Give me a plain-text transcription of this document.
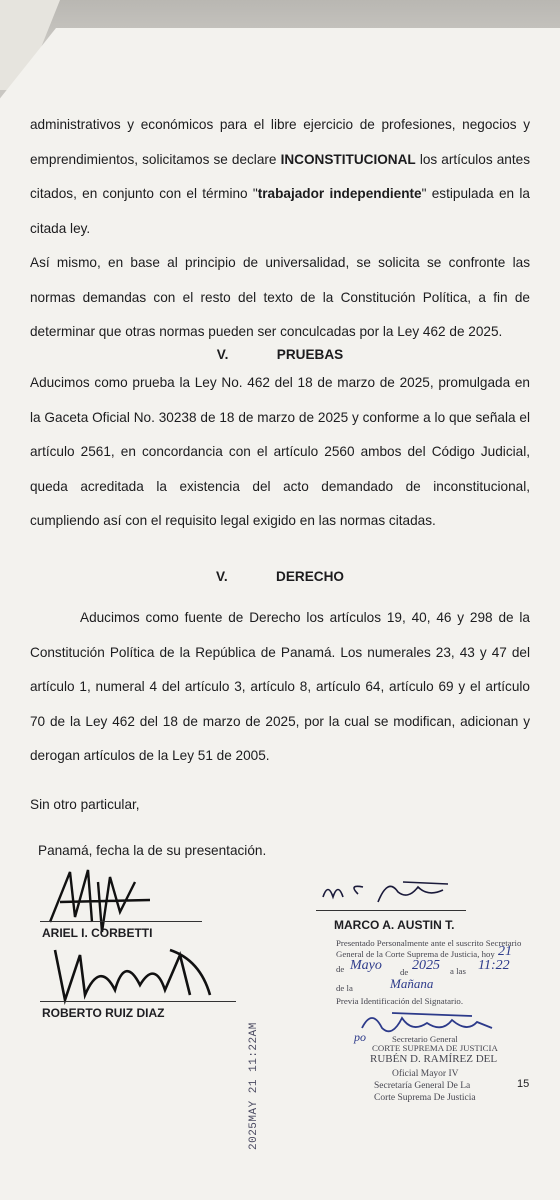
administrativos y económicos para el libre ejercicio de profesiones, negocios y emprendimientos, solicitamos se declare INCONSTITUCIONAL los artículos antes citados, en conjunto con el término "trabajador independiente" estipulada en la citada ley.

Así mismo, en base al principio de universalidad, se solicita se confronte las normas demandas con el resto del texto de la Constitución Política, a fin de determinar que otras normas pueden ser conculcadas por la Ley 462 de 2025.

V.	PRUEBAS

Aducimos como prueba la Ley No. 462 del 18 de marzo de 2025, promulgada en la Gaceta Oficial No. 30238 de 18 de marzo de 2025 y conforme a lo que señala el artículo 2561, en concordancia con el artículo 2560 ambos del Código Judicial, queda acreditada la existencia del acto demandado de inconstitucional, cumpliendo así con el requisito legal exigido en las normas citadas.

V.	DERECHO

Aducimos como fuente de Derecho los artículos 19, 40, 46 y 298 de la Constitución Política de la República de Panamá. Los numerales 23, 43 y 47 del artículo 1, numeral 4 del artículo 3, artículo 8, artículo 64, artículo 69 y el artículo 70 de la Ley 462 del 18 de marzo de 2025, por la cual se modifican, adicionan y derogan artículos de la Ley 51 de 2005.

Sin otro particular,
Panamá, fecha la de su presentación.
ARIEL I. CORBETTI
ROBERTO RUIZ DIAZ
MARCO A. AUSTIN T.
Presentado Personalmente ante el suscrito Secretario
General de la Corte Suprema de Justicia, hoy
de	de	a las
de la
Previa Identificación del Signatario.
21
Mayo 2025	11:22
Mañana
po	Secretario General
CORTE SUPREMA DE JUSTICIA
RUBÉN D. RAMÍREZ DEL
Oficial Mayor IV
Secretaría General De La
Corte Suprema De Justicia
15
2025MAY 21 11:22AM
